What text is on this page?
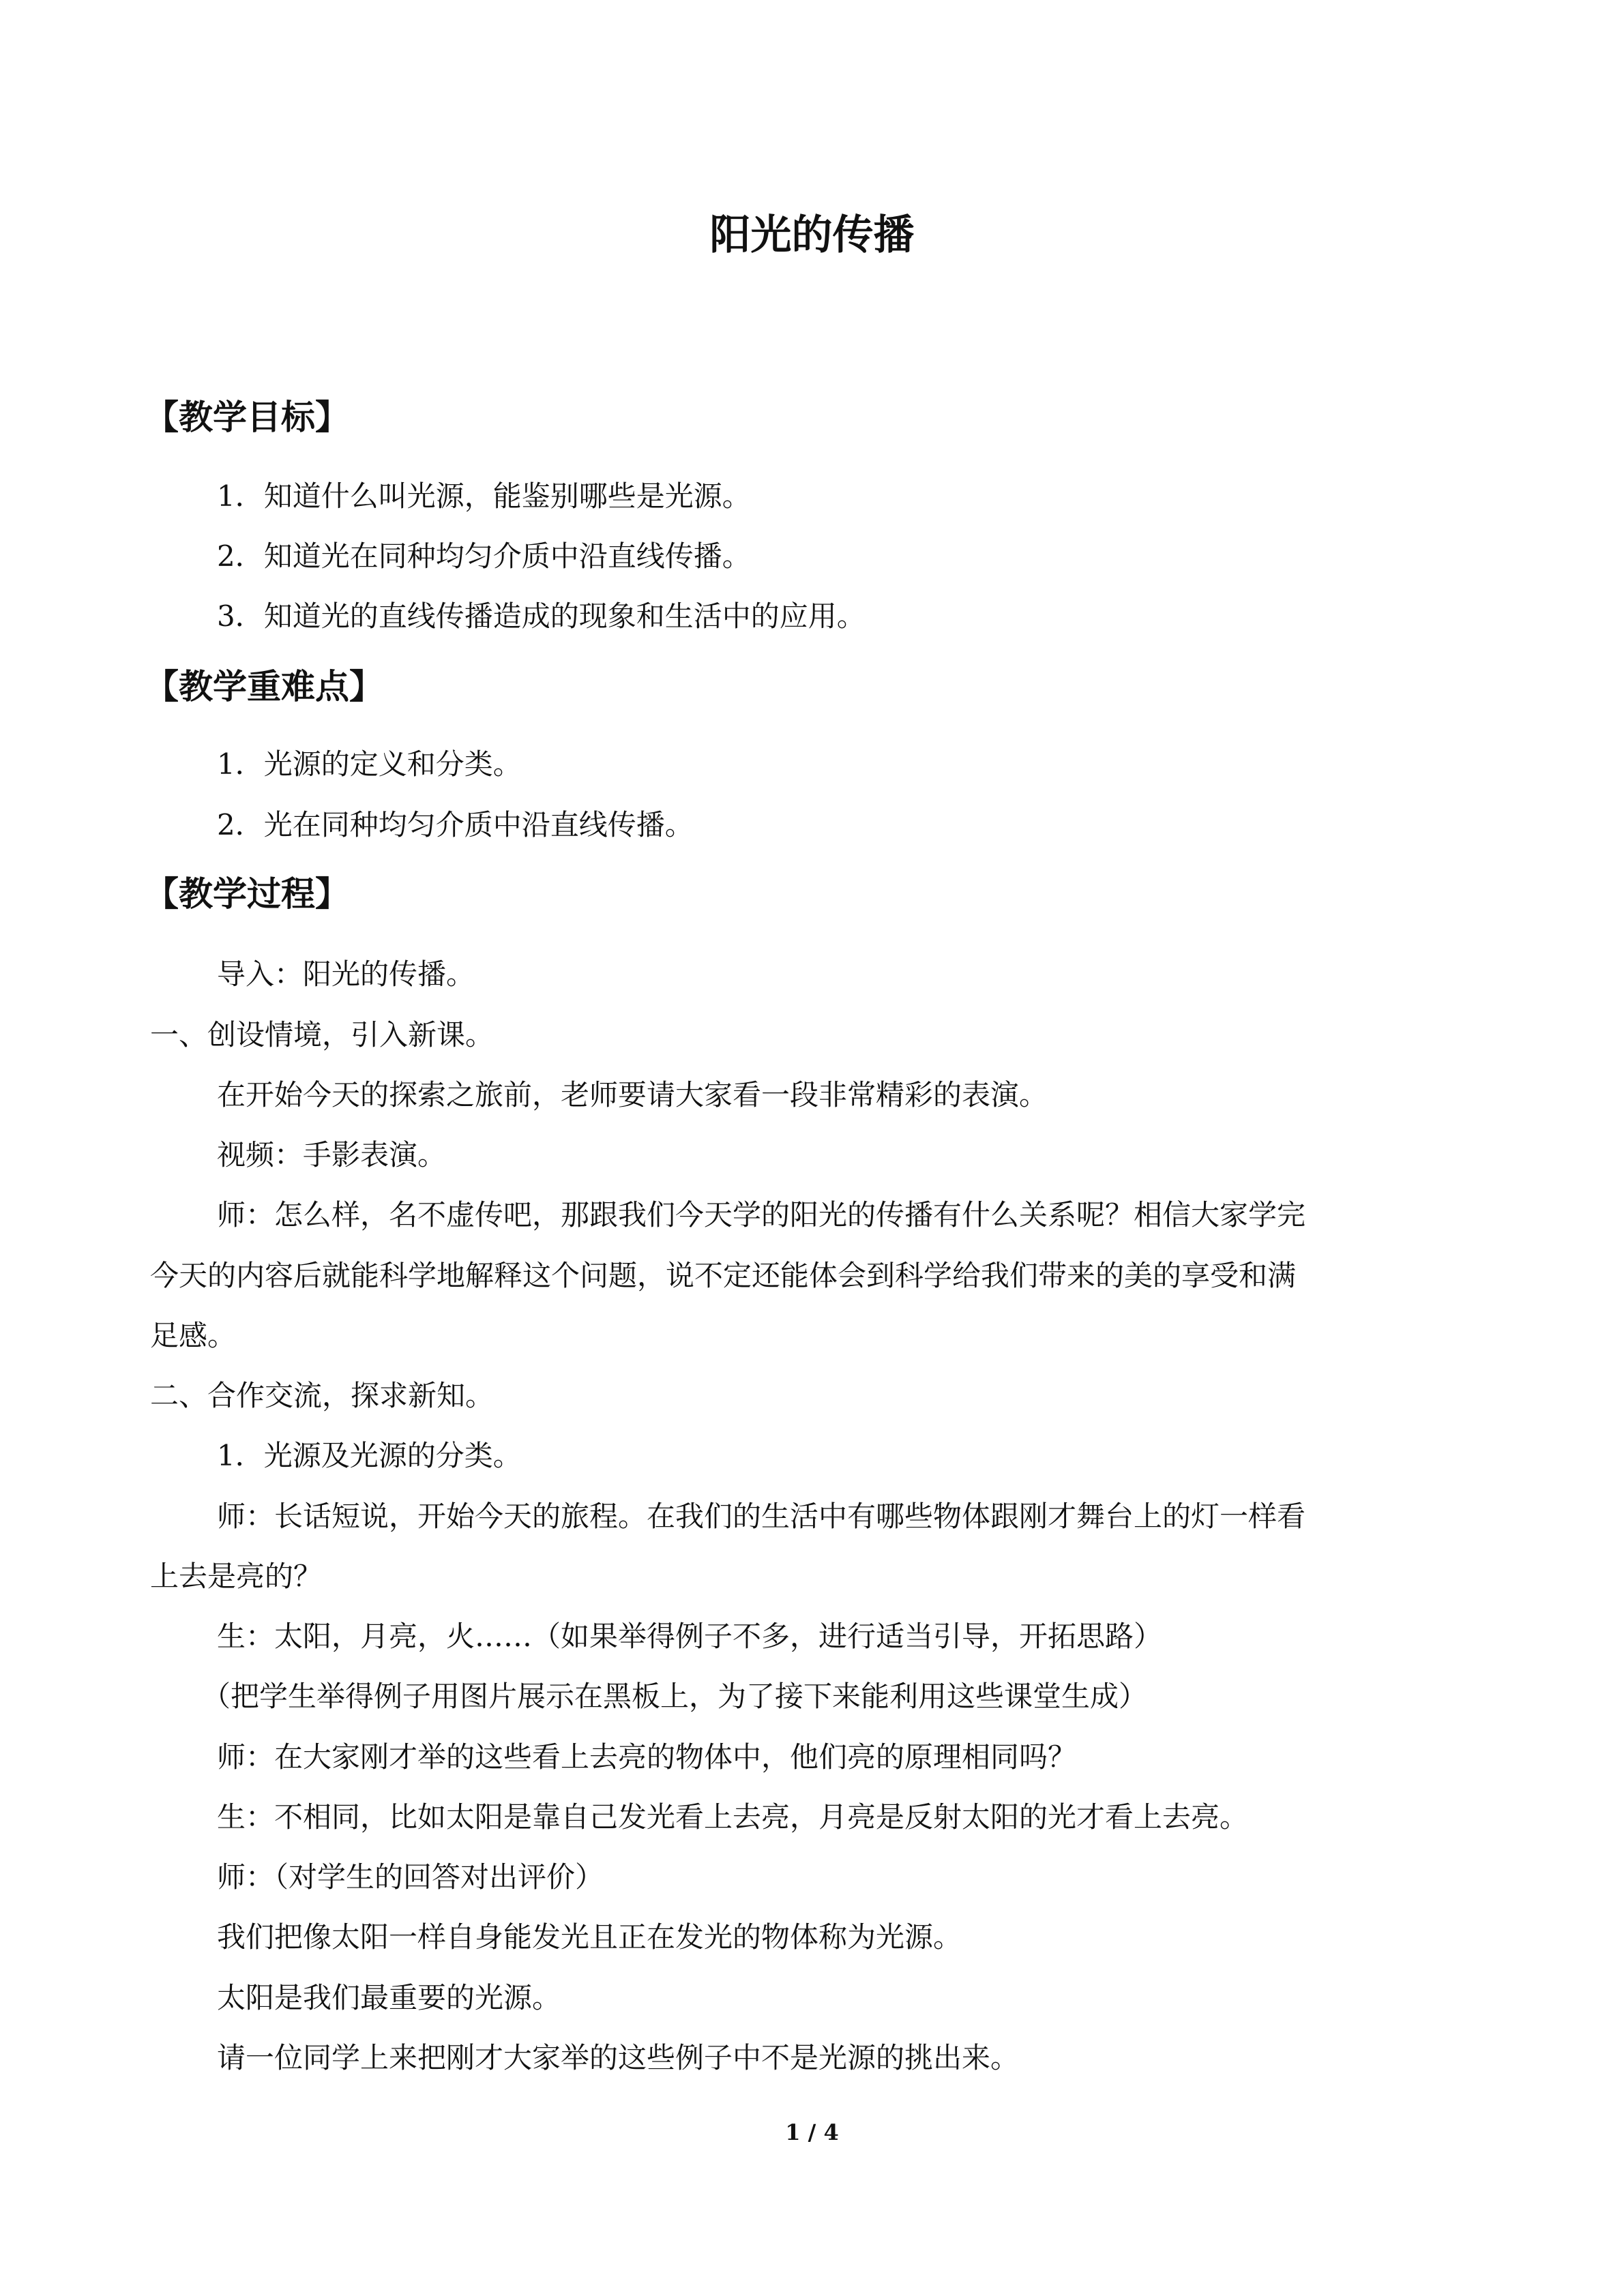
阳光的传播
【教学目标】

1．知道什么叫光源，能鉴别哪些是光源。

2．知道光在同种均匀介质中沿直线传播。

3．知道光的直线传播造成的现象和生活中的应用。

【教学重难点】

1．光源的定义和分类。

2．光在同种均匀介质中沿直线传播。

【教学过程】

导入：阳光的传播。

一、创设情境，引入新课。

在开始今天的探索之旅前，老师要请大家看一段非常精彩的表演。

视频：手影表演。

师：怎么样，名不虚传吧，那跟我们今天学的阳光的传播有什么关系呢？相信大家学完

今天的内容后就能科学地解释这个问题，说不定还能体会到科学给我们带来的美的享受和满

足感。

二、合作交流，探求新知。

1．光源及光源的分类。

师：长话短说，开始今天的旅程。在我们的生活中有哪些物体跟刚才舞台上的灯一样看

上去是亮的？

生：太阳，月亮，火……（如果举得例子不多，进行适当引导，开拓思路）

（把学生举得例子用图片展示在黑板上，为了接下来能利用这些课堂生成）

师：在大家刚才举的这些看上去亮的物体中，他们亮的原理相同吗？

生：不相同，比如太阳是靠自己发光看上去亮，月亮是反射太阳的光才看上去亮。

师：（对学生的回答对出评价）

我们把像太阳一样自身能发光且正在发光的物体称为光源。

太阳是我们最重要的光源。

请一位同学上来把刚才大家举的这些例子中不是光源的挑出来。

1 / 4
